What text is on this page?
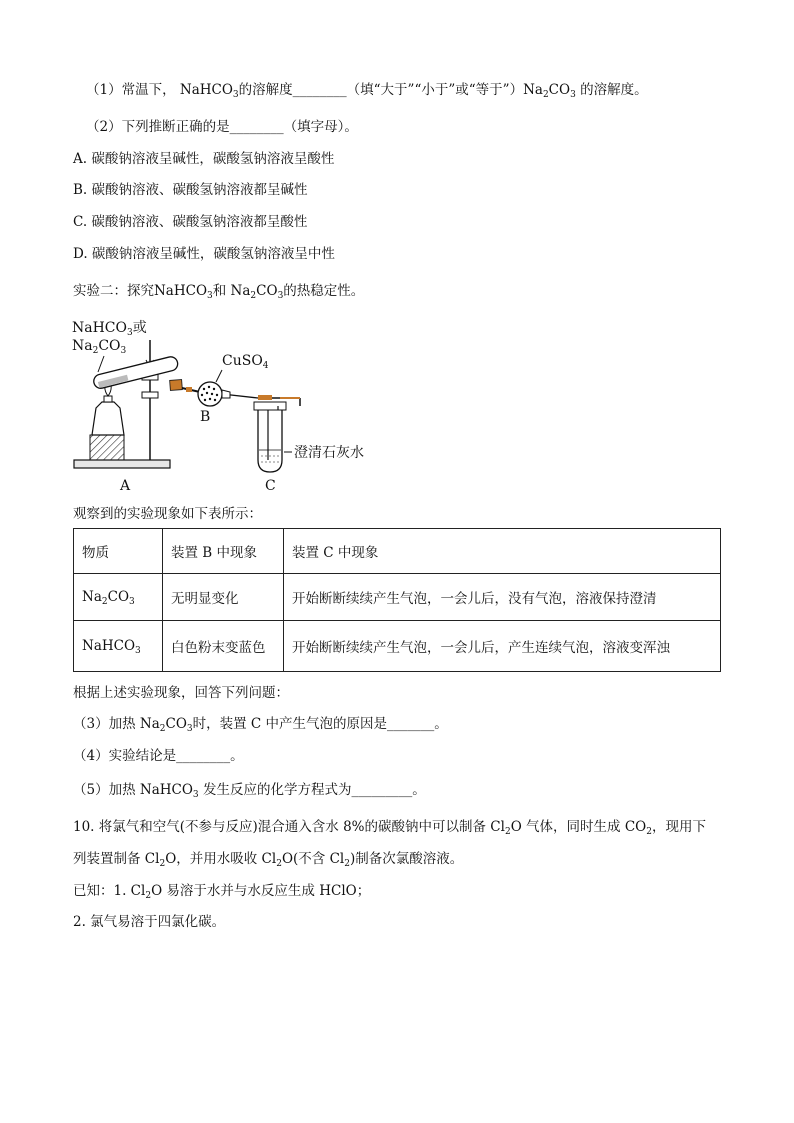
（1）常温下， NaHCO$_3$的溶解度________（填“大于”“小于”或“等于$”)Na_2CO_3$ 的溶解度。
（2）下列推断正确的是________（填字母）。
A. 碳酸钠溶液呈碱性，碳酸氢钠溶液呈酸性
B. 碳酸钠溶液、碳酸氢钠溶液都呈碱性
C. 碳酸钠溶液、碳酸氢钠溶液都呈酸性
D. 碳酸钠溶液呈碱性，碳酸氢钠溶液呈中性
实验二：探究NaHCO$_3$和 $Na_2CO_3$的热稳定性。
NaHCO$_3$或
$Na_2CO_3$
澄清石灰水
CuSO$_4$
B
A	C
观察到的实验现象如下表所示：
物质	装置 B 中现象	装置 C 中现象
$Na_2CO_3$	无明显变化	开始断断续续产生气泡，一会儿后，没有气泡，溶液保持澄清
NaHCO$_3$	白色粉末变蓝色	开始断断续续产生气泡，一会儿后，产生连续气泡，溶液变浑浊
根据上述实验现象，回答下列问题：
（3）加热 $Na_2CO_3$时，装置 C 中产生气泡的原因是_______。
（4）实验结论是________。
（5）加热 NaHCO$_3$ 发生反应的化学方程式为_________。
10. 将氯气和空气(不参与反应)混合通入含水 8%的碳酸钠中可以制备 $Cl_2O$ 气体，同时生成 $CO_2$，现用下
列装置制备 $Cl_2O$，并用水吸收 $Cl_2O$(不含 $Cl_2$)制备次氯酸溶液。
已知：1. $Cl_2O$ 易溶于水并与水反应生成 HClO；
2. 氯气易溶于四氯化碳。
